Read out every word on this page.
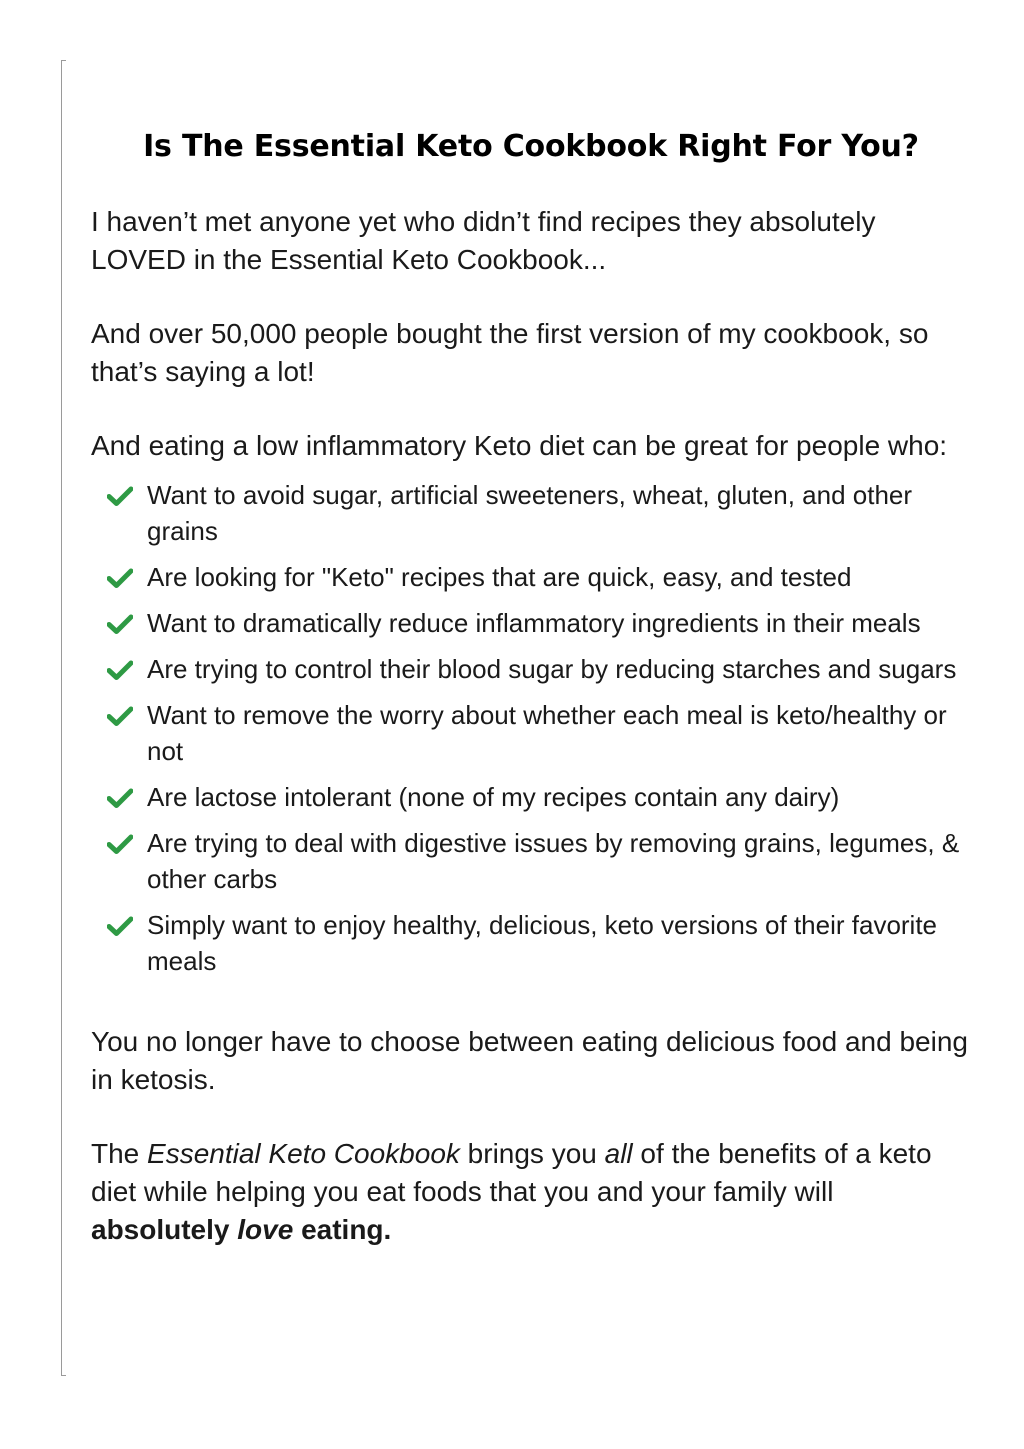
Is The Essential Keto Cookbook Right For You?

I haven’t met anyone yet who didn’t find recipes they absolutely LOVED in the Essential Keto Cookbook...

And over 50,000 people bought the first version of my cookbook, so that’s saying a lot!

And eating a low inflammatory Keto diet can be great for people who:

Want to avoid sugar, artificial sweeteners, wheat, gluten, and other grains
Are looking for "Keto" recipes that are quick, easy, and tested
Want to dramatically reduce inflammatory ingredients in their meals
Are trying to control their blood sugar by reducing starches and sugars
Want to remove the worry about whether each meal is keto/healthy or not
Are lactose intolerant (none of my recipes contain any dairy)
Are trying to deal with digestive issues by removing grains, legumes, & other carbs
Simply want to enjoy healthy, delicious, keto versions of their favorite meals

You no longer have to choose between eating delicious food and being in ketosis.

The Essential Keto Cookbook brings you all of the benefits of a keto diet while helping you eat foods that you and your family will absolutely love eating.
